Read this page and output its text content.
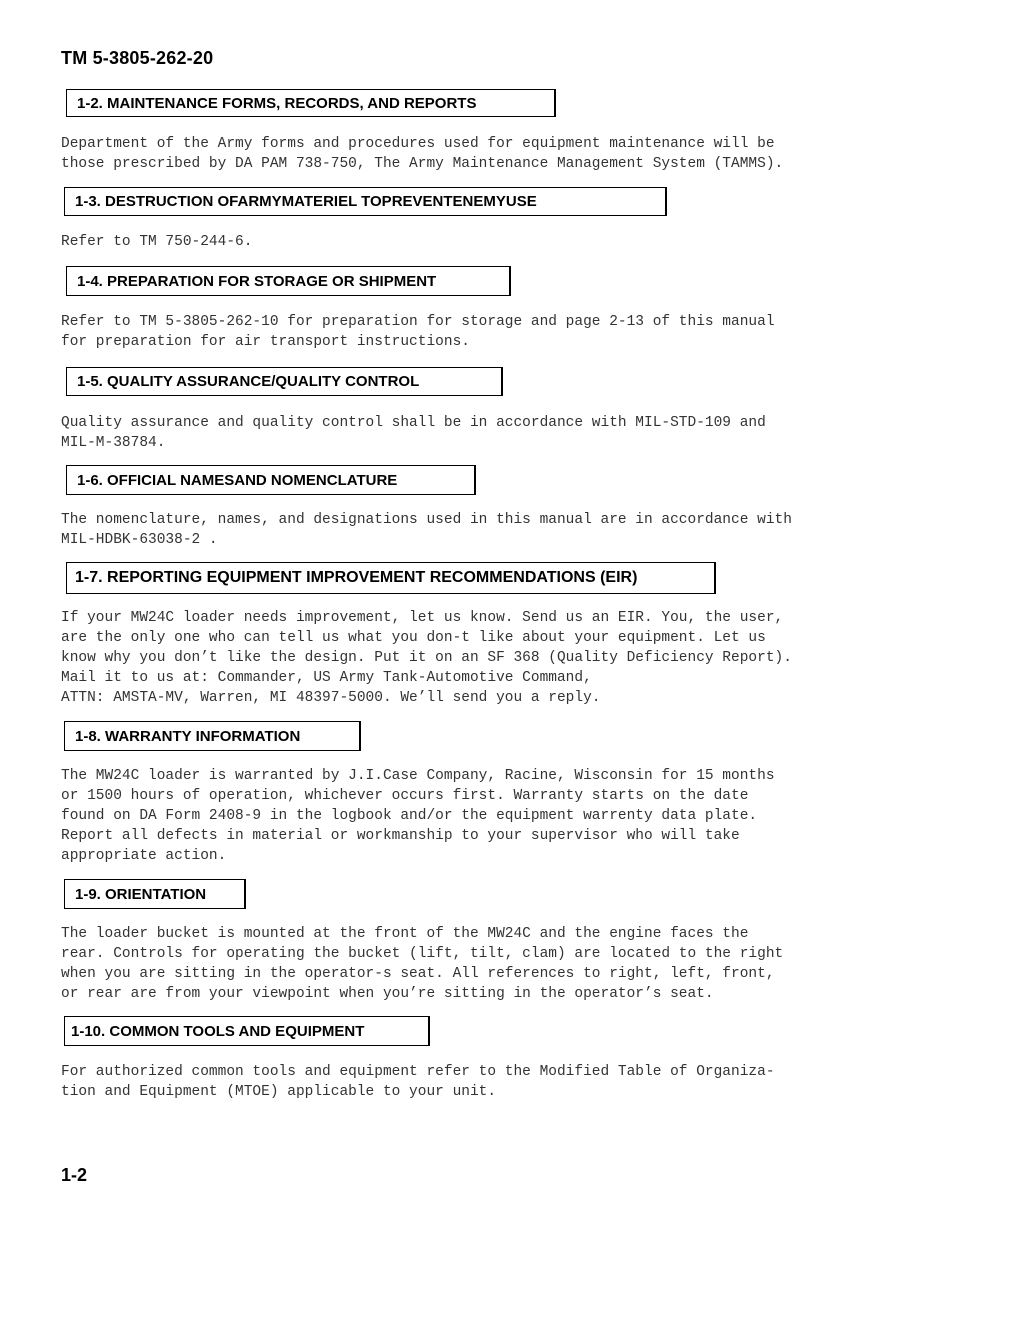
TM 5-3805-262-20
1-2. MAINTENANCE FORMS, RECORDS, AND REPORTS
Department of the Army forms and procedures used for equipment maintenance will be
those prescribed by DA PAM 738-750, The Army Maintenance Management System (TAMMS).
1-3. DESTRUCTION OFARMYMATERIEL TOPREVENTENEMYUSE
Refer to TM 750-244-6.
1-4. PREPARATION FOR STORAGE OR SHIPMENT
Refer to TM 5-3805-262-10 for preparation for storage and page 2-13 of this manual
for preparation for air transport instructions.
1-5. QUALITY ASSURANCE/QUALITY CONTROL
Quality assurance and quality control shall be in accordance with MIL-STD-109 and
MIL-M-38784.
1-6. OFFICIAL NAMESAND NOMENCLATURE
The nomenclature, names, and designations used in this manual are in accordance with
MIL-HDBK-63038-2 .
1-7. REPORTING EQUIPMENT IMPROVEMENT RECOMMENDATIONS (EIR)
If your MW24C loader needs improvement, let us know. Send us an EIR. You, the user,
are the only one who can tell us what you don-t like about your equipment. Let us
know why you don’t like the design. Put it on an SF 368 (Quality Deficiency Report).
Mail it to us at: Commander, US Army Tank-Automotive Command,
ATTN: AMSTA-MV, Warren, MI 48397-5000. We’ll send you a reply.
1-8. WARRANTY INFORMATION
The MW24C loader is warranted by J.I.Case Company, Racine, Wisconsin for 15 months
or 1500 hours of operation, whichever occurs first. Warranty starts on the date
found on DA Form 2408-9 in the logbook and/or the equipment warrenty data plate.
Report all defects in material or workmanship to your supervisor who will take
appropriate action.
1-9. ORIENTATION
The loader bucket is mounted at the front of the MW24C and the engine faces the
rear. Controls for operating the bucket (lift, tilt, clam) are located to the right
when you are sitting in the operator-s seat. All references to right, left, front,
or rear are from your viewpoint when you’re sitting in the operator’s seat.
1-10. COMMON TOOLS AND EQUIPMENT
For authorized common tools and equipment refer to the Modified Table of Organiza-
tion and Equipment (MTOE) applicable to your unit.
1-2
